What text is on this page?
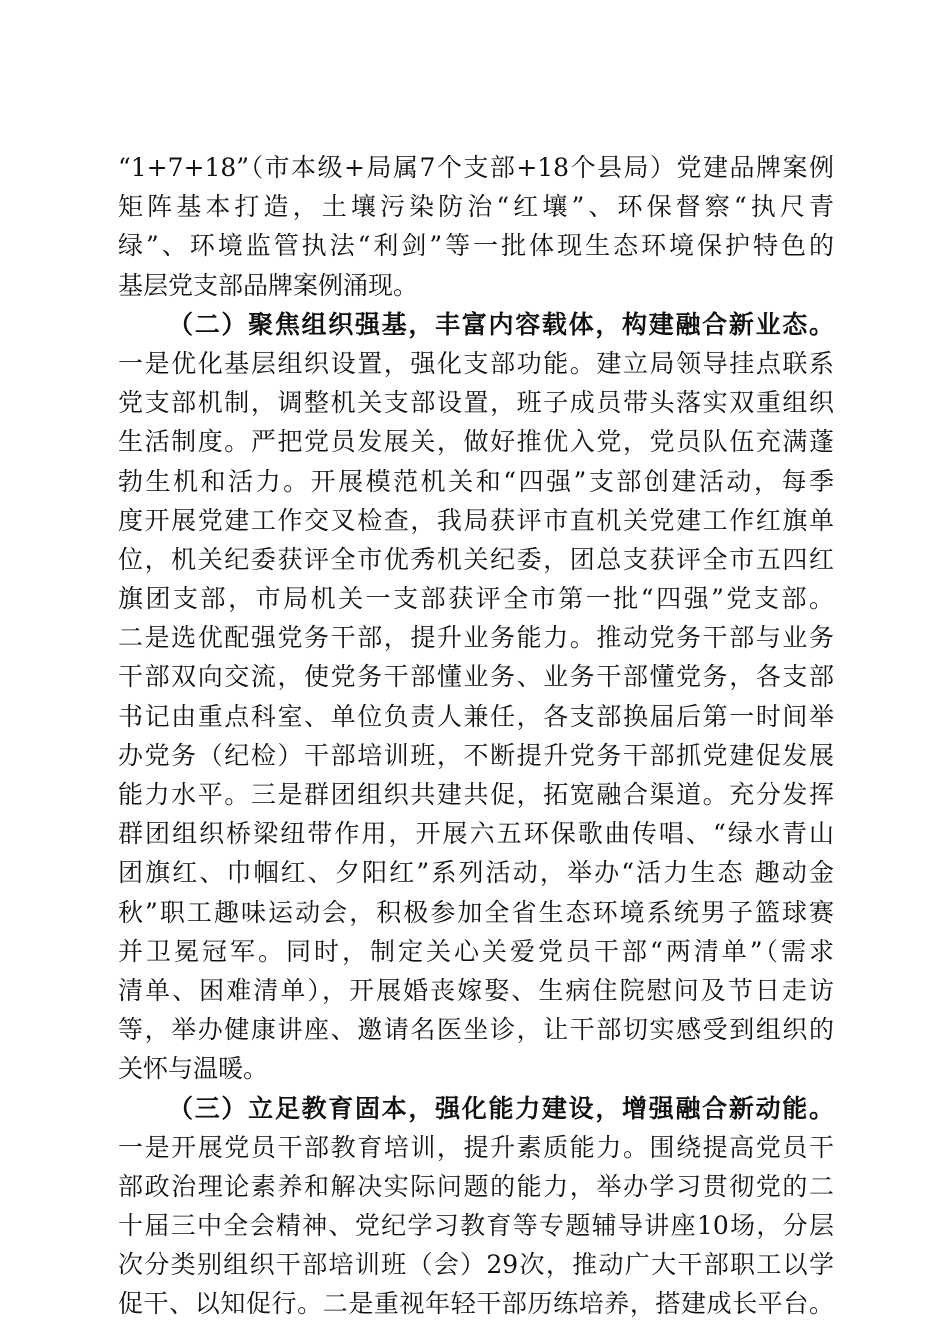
“1+7+18”（市本级+局属7个支部+18个县局）党建品牌案例
矩阵基本打造，土壤污染防治“红壤”、环保督察“执尺青
绿”、环境监管执法“利剑”等一批体现生态环境保护特色的
基层党支部品牌案例涌现。
（二）聚焦组织强基，丰富内容载体，构建融合新业态。
一是优化基层组织设置，强化支部功能。建立局领导挂点联系
党支部机制，调整机关支部设置，班子成员带头落实双重组织
生活制度。严把党员发展关，做好推优入党，党员队伍充满蓬
勃生机和活力。开展模范机关和“四强”支部创建活动，每季
度开展党建工作交叉检查，我局获评市直机关党建工作红旗单
位，机关纪委获评全市优秀机关纪委，团总支获评全市五四红
旗团支部，市局机关一支部获评全市第一批“四强”党支部。
二是选优配强党务干部，提升业务能力。推动党务干部与业务
干部双向交流，使党务干部懂业务、业务干部懂党务，各支部
书记由重点科室、单位负责人兼任，各支部换届后第一时间举
办党务（纪检）干部培训班，不断提升党务干部抓党建促发展
能力水平。三是群团组织共建共促，拓宽融合渠道。充分发挥
群团组织桥梁纽带作用，开展六五环保歌曲传唱、“绿水青山
团旗红、巾帼红、夕阳红”系列活动，举办“活力生态 趣动金
秋”职工趣味运动会，积极参加全省生态环境系统男子篮球赛
并卫冕冠军。同时，制定关心关爱党员干部“两清单”（需求
清单、困难清单），开展婚丧嫁娶、生病住院慰问及节日走访
等，举办健康讲座、邀请名医坐诊，让干部切实感受到组织的
关怀与温暖。
（三）立足教育固本，强化能力建设，增强融合新动能。
一是开展党员干部教育培训，提升素质能力。围绕提高党员干
部政治理论素养和解决实际问题的能力，举办学习贯彻党的二
十届三中全会精神、党纪学习教育等专题辅导讲座10场，分层
次分类别组织干部培训班（会）29次，推动广大干部职工以学
促干、以知促行。二是重视年轻干部历练培养，搭建成长平台。
